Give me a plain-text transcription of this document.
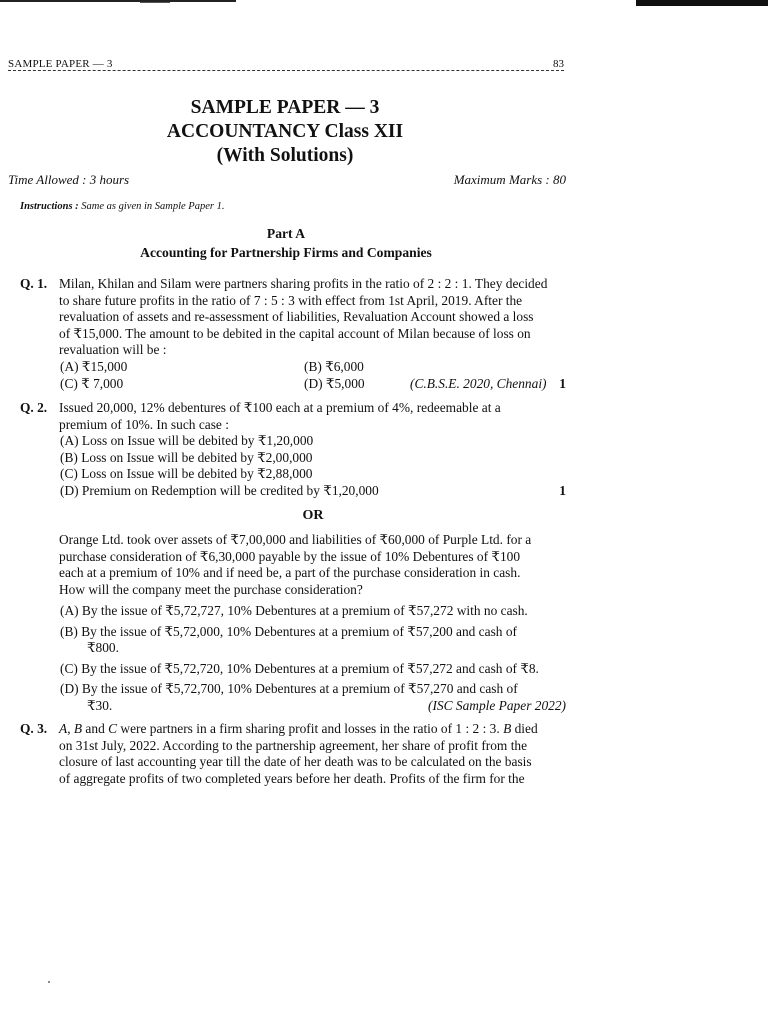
SAMPLE PAPER — 3	83
SAMPLE PAPER — 3
ACCOUNTANCY Class XII
(With Solutions)
Time Allowed : 3 hours	Maximum Marks : 80
Instructions : Same as given in Sample Paper 1.
Part A
Accounting for Partnership Firms and Companies
Q. 1. Milan, Khilan and Silam were partners sharing profits in the ratio of 2 : 2 : 1. They decided
to share future profits in the ratio of 7 : 5 : 3 with effect from 1st April, 2019. After the
revaluation of assets and re-assessment of liabilities, Revaluation Account showed a loss
of ₹15,000. The amount to be debited in the capital account of Milan because of loss on
revaluation will be :
(A) ₹15,000	(B) ₹6,000
(C) ₹ 7,000	(D) ₹5,000	(C.B.S.E. 2020, Chennai) 1
Q. 2. Issued 20,000, 12% debentures of ₹100 each at a premium of 4%, redeemable at a
premium of 10%. In such case :
(A) Loss on Issue will be debited by ₹1,20,000
(B) Loss on Issue will be debited by ₹2,00,000
(C) Loss on Issue will be debited by ₹2,88,000
(D) Premium on Redemption will be credited by ₹1,20,000	1
OR
Orange Ltd. took over assets of ₹7,00,000 and liabilities of ₹60,000 of Purple Ltd. for a
purchase consideration of ₹6,30,000 payable by the issue of 10% Debentures of ₹100
each at a premium of 10% and if need be, a part of the purchase consideration in cash.
How will the company meet the purchase consideration?
(A) By the issue of ₹5,72,727, 10% Debentures at a premium of ₹57,272 with no cash.
(B) By the issue of ₹5,72,000, 10% Debentures at a premium of ₹57,200 and cash of
₹800.
(C) By the issue of ₹5,72,720, 10% Debentures at a premium of ₹57,272 and cash of ₹8.
(D) By the issue of ₹5,72,700, 10% Debentures at a premium of ₹57,270 and cash of
₹30.	(ISC Sample Paper 2022)
Q. 3. A, B and C were partners in a firm sharing profit and losses in the ratio of 1 : 2 : 3. B died
on 31st July, 2022. According to the partnership agreement, her share of profit from the
closure of last accounting year till the date of her death was to be calculated on the basis
of aggregate profits of two completed years before her death. Profits of the firm for the
